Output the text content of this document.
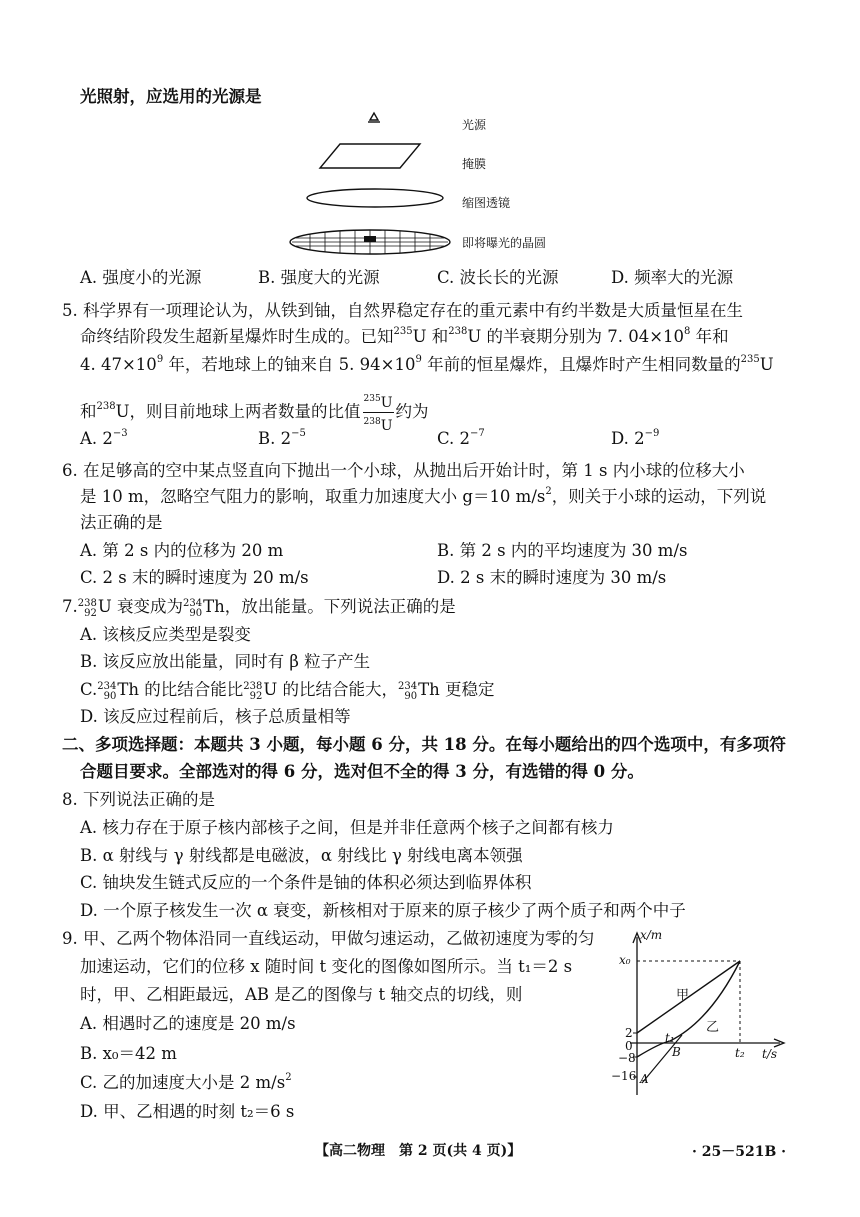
光照射，应选用的光源是
光源
掩膜
缩图透镜
即将曝光的晶圆
A. 强度小的光源	B. 强度大的光源	C. 波长长的光源	D. 频率大的光源
5. 科学界有一项理论认为，从铁到铀，自然界稳定存在的重元素中有约半数是大质量恒星在生
命终结阶段发生超新星爆炸时生成的。已知$^{235}$U 和$^{238}$U 的半衰期分别为 7. $04\times 10^8$ 年和
4. $47\times 10^9$ 年，若地球上的铀来自 5. $94\times 10^9$ 年前的恒星爆炸，且爆炸时产生相同数量的$^{235}$U
和$^{238}$U，则目前地球上两者数量的比值 $\frac{^{235}U}{^{238}U}$ 约为
A. $2^{-3}$	B. $2^{-5}$	C. $2^{-7}$	D. $2^{-9}$
6. 在足够高的空中某点竖直向下抛出一个小球，从抛出后开始计时，第 1 s 内小球的位移大小
是 10 m，忽略空气阻力的影响，取重力加速度大小 g＝10 $m/s^2$，则关于小球的运动，下列说
法正确的是
A. 第 2 s 内的位移为 20 m	B. 第 2 s 内的平均速度为 30 m/s
C. 2 s 末的瞬时速度为 20 m/s	D. 2 s 末的瞬时速度为 30 m/s
7. 238
92 U 衰变成为 234
90 Th，放出能量。下列说法正确的是
A. 该核反应类型是裂变
B. 该反应放出能量，同时有 β 粒子产生
C. 234
90 Th 的比结合能比 238
92 U 的比结合能大， 234
90 Th 更稳定
D. 该反应过程前后，核子总质量相等
二、多项选择题：本题共 3 小题，每小题 6 分，共 18 分。在每小题给出的四个选项中，有多项符
合题目要求。全部选对的得 6 分，选对但不全的得 3 分，有选错的得 0 分。
8. 下列说法正确的是
A. 核力存在于原子核内部核子之间，但是并非任意两个核子之间都有核力
B. α 射线与 γ 射线都是电磁波，α 射线比 γ 射线电离本领强
C. 铀块发生链式反应的一个条件是铀的体积必须达到临界体积
D. 一个原子核发生一次 α 衰变，新核相对于原来的原子核少了两个质子和两个中子
9. 甲、乙两个物体沿同一直线运动，甲做匀速运动，乙做初速度为零的匀
加速运动，它们的位移 x 随时间 t 变化的图像如图所示。当 t₁＝2 s
时，甲、乙相距最远，AB 是乙的图像与 t 轴交点的切线，则
A. 相遇时乙的速度是 20 m/s
B. x₀＝42 m
C. 乙的加速度大小是 2 $m/s^2$
D. 甲、乙相遇的时刻 t₂＝6 s
x/m
x₀
2
0
−8
−16
t₁
t₂ t/s
甲
乙
A
B
【高二物理　第 2 页(共 4 页)】	· 25－521B ·
